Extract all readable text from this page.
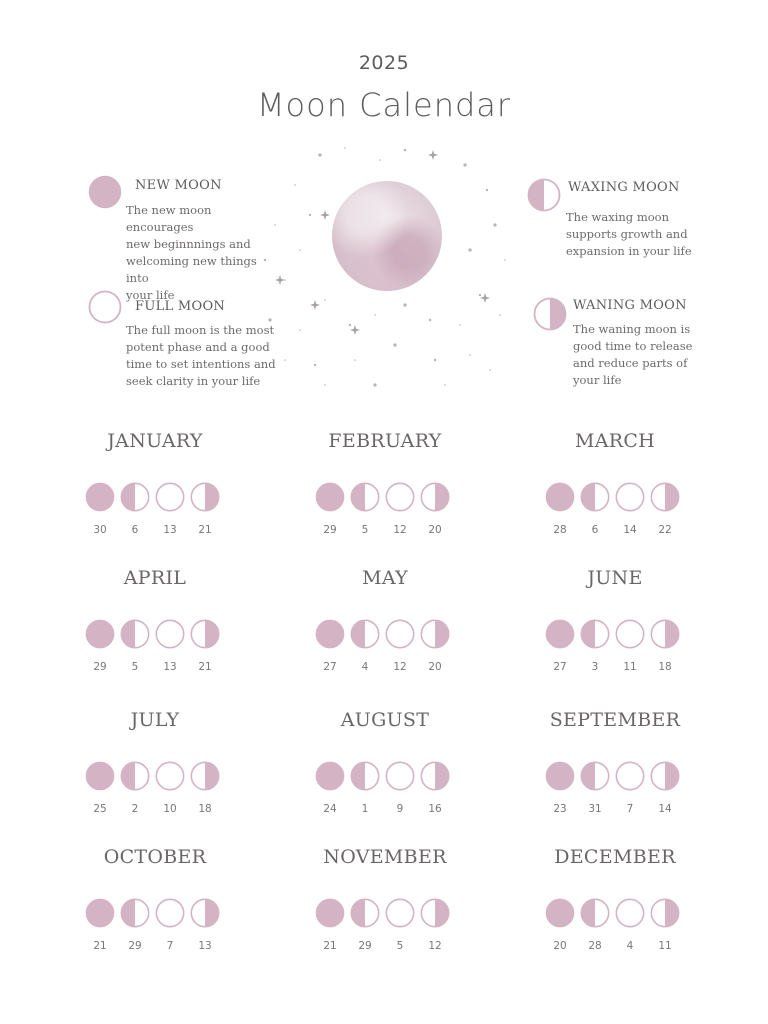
2025
Moon Calendar
NEW MOON
The new moon encourages
new beginnnings and
welcoming new things into
your life
FULL MOON
The full moon is the most
potent phase and a good
time to set intentions and
seek clarity in your life
WAXING MOON
The waxing moon
supports growth and
expansion in your life
WANING MOON
The waning moon is
good time to release
and reduce parts of
your life
JANUARY
30	6	13	21
FEBRUARY
29	5	12	20
MARCH
28	6	14	22
APRIL
29	5	13	21
MAY
27	4	12	20
JUNE
27	3	11	18
JULY
25	2	10	18
AUGUST
24	1	9	16
SEPTEMBER
23	31	7	14
OCTOBER
21	29	7	13
NOVEMBER
21	29	5	12
DECEMBER
20	28	4	11
